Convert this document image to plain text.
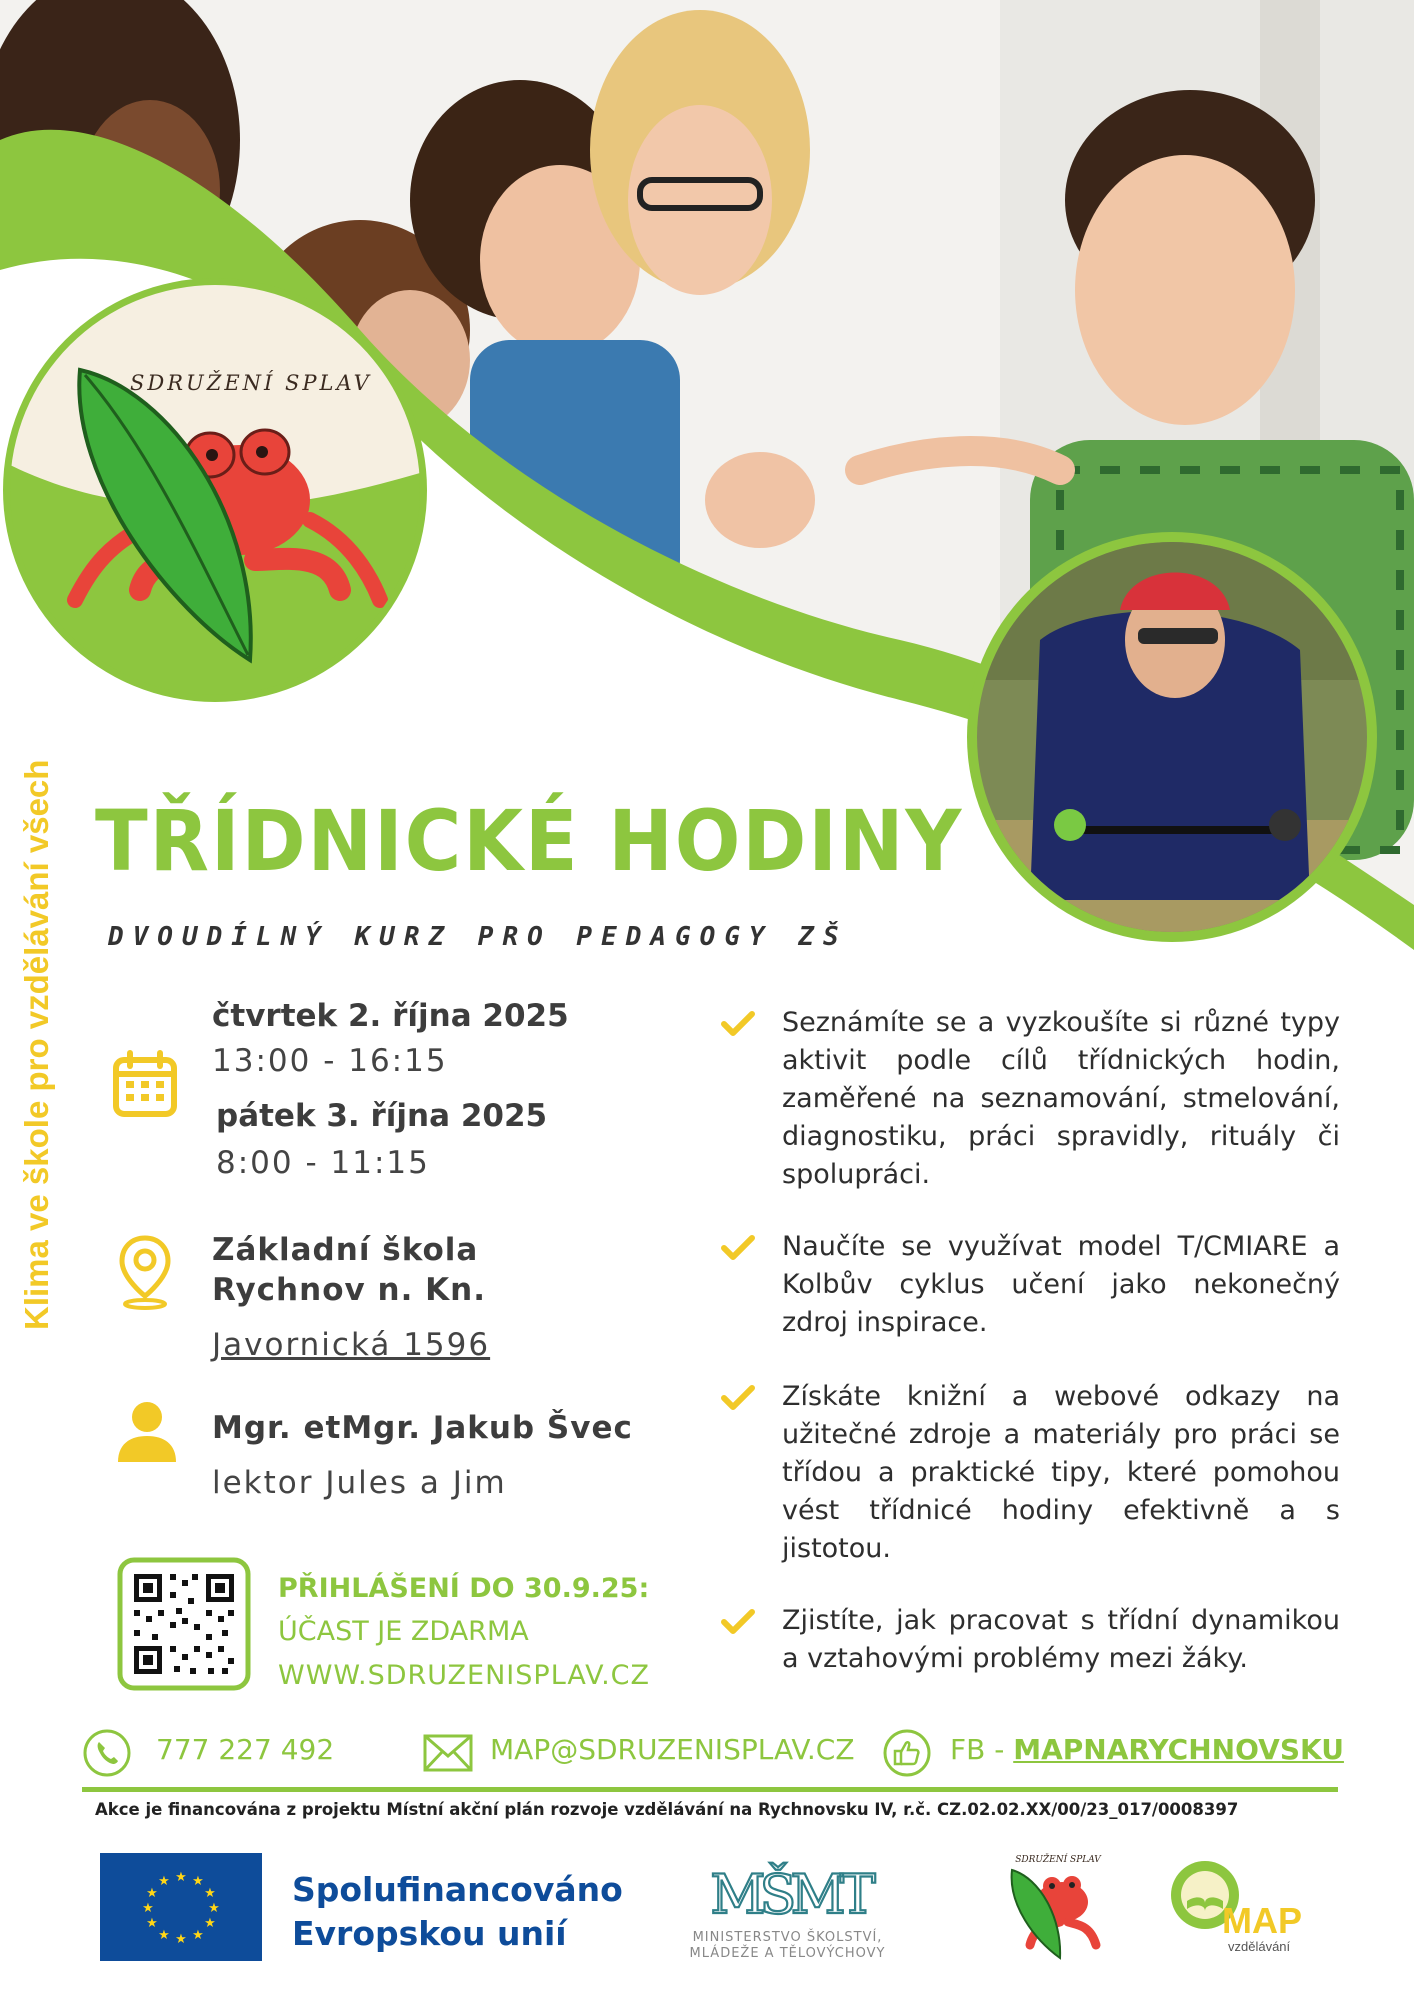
SDRUŽENÍ SPLAV
Klima ve škole pro vzdělávání všech TŘÍDNICKÉ HODINY
DVOUDÍLNÝ KURZ PRO PEDAGOGY ZŠ
čtvrtek 2. října 2025
13:00 - 16:15
pátek 3. října 2025
8:00 - 11:15
Základní škola
Rychnov n. Kn.
Javornická 1596
Mgr. etMgr. Jakub Švec
lektor Jules a Jim
PŘIHLÁŠENÍ DO 30.9.25:
ÚČAST JE ZDARMA
WWW.SDRUZENISPLAV.CZ
Seznámíte se a vyzkoušíte si různé typy aktivit podle cílů třídnických hodin, zaměřené na seznamování, stmelování, diagnostiku, práci spravidly, rituály či spolupráci.
Naučíte se využívat model T/CMIARE a Kolbův cyklus učení jako nekonečný zdroj inspirace.
Získáte knižní a webové odkazy na užitečné zdroje a materiály pro práci se třídou a praktické tipy, které pomohou vést třídnicé hodiny efektivně a s jistotou.
Zjistíte, jak pracovat s třídní dynamikou a vztahovými problémy mezi žáky.
777 227 492	MAP@SDRUZENISPLAV.CZ	FB - MAPNARYCHNOVSKU
Akce je financována z projektu Místní akční plán rozvoje vzdělávání na Rychnovsku IV, r.č. CZ.02.02.XX/00/23_017/0008397
★ ★
★
★
★
★
★
★
★
★
★
★	Spolufinancováno
Evropskou unií
MŠMT
MINISTERSTVO ŠKOLSTVÍ,
MLÁDEŽE A TĚLOVÝCHOVY
SDRUŽENÍ SPLAV
MAP
vzdělávání
